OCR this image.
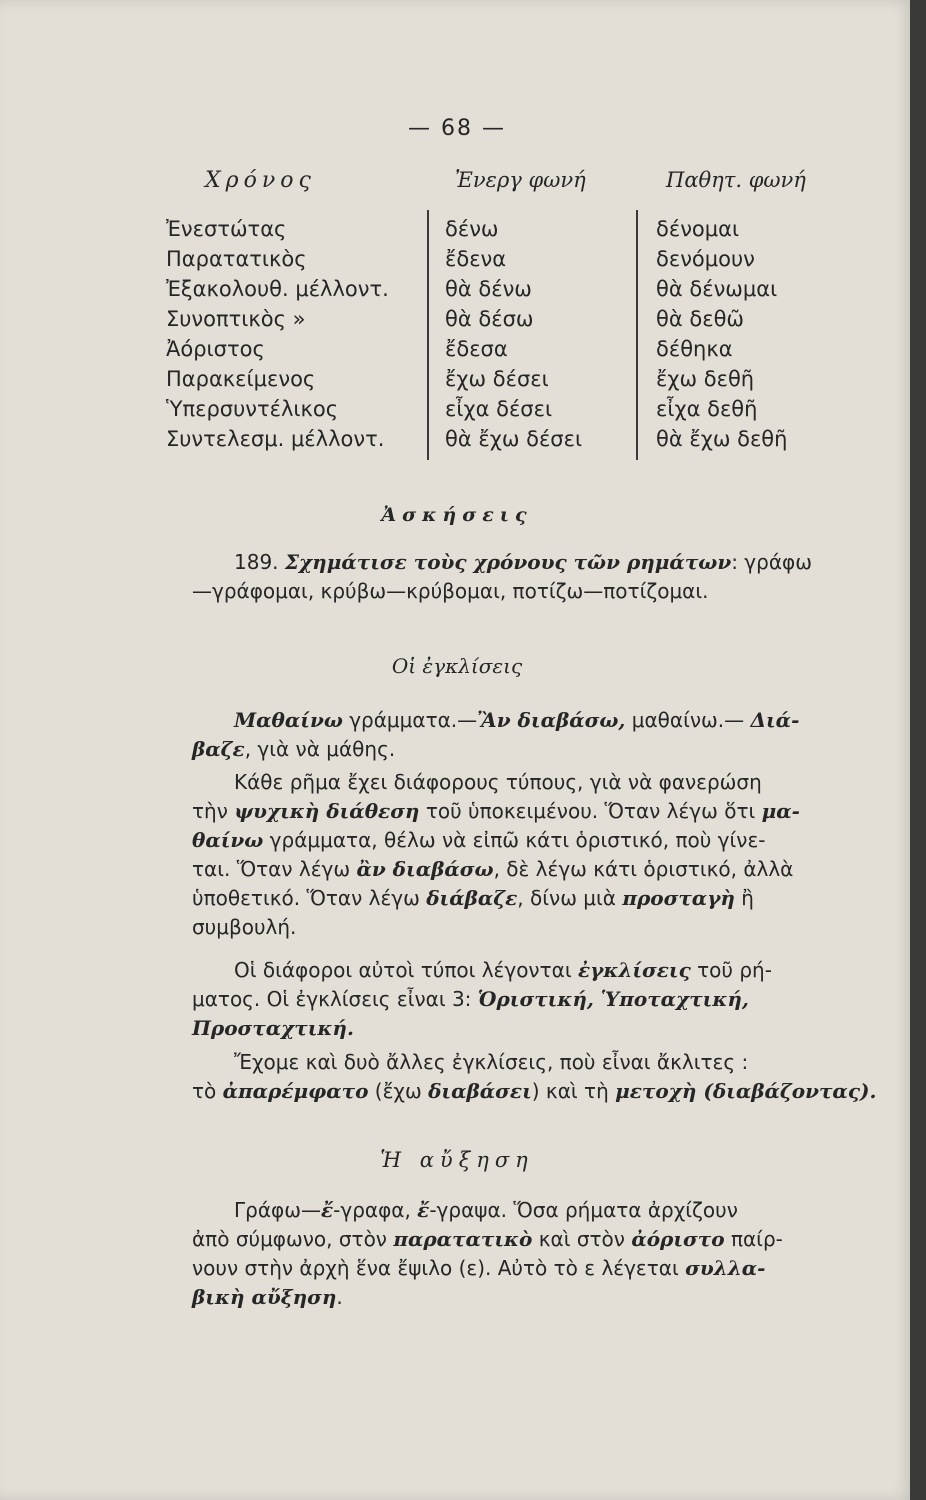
— 68 —
Χρόνος	Ἐνεργ φωνή	Παθητ. φωνή
Ἐνεστώτας
Παρατατικὸς
Ἐξακολουθ. μέλλοντ.
Συνοπτικὸς »
Ἀόριστος
Παρακείμενος
Ὑπερσυντέλικος
Συντελεσμ. μέλλοντ.
δένω
ἔδενα
θὰ δένω
θὰ δέσω
ἔδεσα
ἔχω δέσει
εἶχα δέσει
θὰ ἔχω δέσει
δένομαι
δενόμουν
θὰ δένωμαι
θὰ δεθῶ
δέθηκα
ἔχω δεθῆ
εἶχα δεθῆ
θὰ ἔχω δεθῆ
Ἀσκήσεις

189. Σχημάτισε τοὺς χρόνους τῶν ρημάτων: γράφω
—γράφομαι, κρύβω—κρύβομαι, ποτίζω—ποτίζομαι.

Οἱ ἐγκλίσεις

Μαθαίνω γράμματα.—Ἂν διαβάσω, μαθαίνω.— Διά-
βαζε, γιὰ νὰ μάθης.

Κάθε ρῆμα ἔχει διάφορους τύπους, γιὰ νὰ φανερώση
τὴν ψυχικὴ διάθεση τοῦ ὑποκειμένου. Ὅταν λέγω ὅτι μα-
θαίνω γράμματα, θέλω νὰ εἰπῶ κάτι ὁριστικό, ποὺ γίνε-
ται. Ὅταν λέγω ἂν διαβάσω, δὲ λέγω κάτι ὁριστικό, ἀλλὰ
ὑποθετικό. Ὅταν λέγω διάβαζε, δίνω μιὰ προσταγὴ ἢ
συμβουλή.

Οἱ διάφοροι αὐτοὶ τύποι λέγονται ἐγκλίσεις τοῦ ρή-
ματος. Οἱ ἐγκλίσεις εἶναι 3: Ὁριστική, Ὑποταχτική,
Προσταχτική.

Ἔχομε καὶ δυὸ ἄλλες ἐγκλίσεις, ποὺ εἶναι ἄκλιτες :
τὸ ἀπαρέμφατο (ἔχω διαβάσει) καὶ τὴ μετοχὴ (διαβάζοντας).

Ἡ αὔξηση

Γράφω—ἔ-γραφα, ἔ-γραψα. Ὅσα ρήματα ἀρχίζουν
ἀπὸ σύμφωνο, στὸν παρατατικὸ καὶ στὸν ἀόριστο παίρ-
νουν στὴν ἀρχὴ ἕνα ἔψιλο (ε). Αὐτὸ τὸ ε λέγεται συλλα-
βικὴ αὔξηση.
